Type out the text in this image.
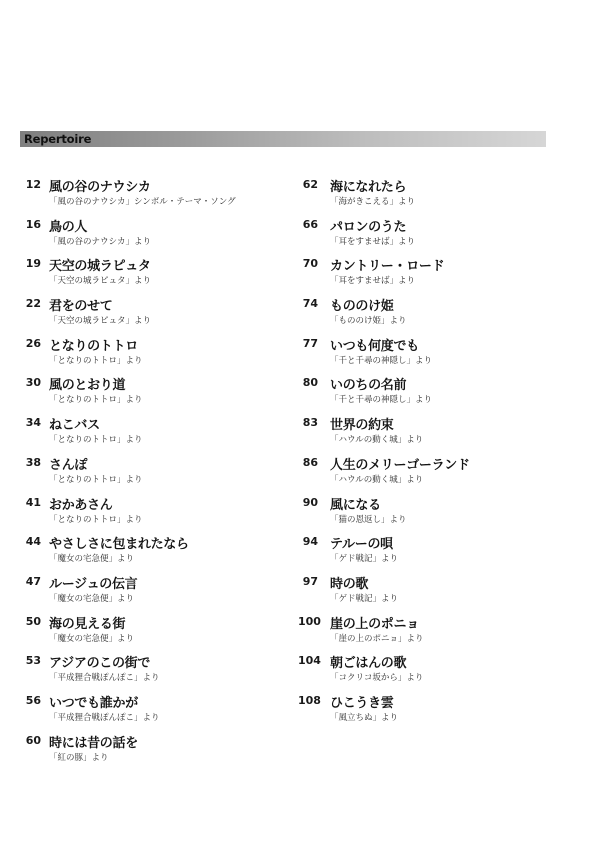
Repertoire
12 風の谷のナウシカ
「風の谷のナウシカ」シンボル・テーマ・ソング
16 鳥の人
「風の谷のナウシカ」より
19 天空の城ラピュタ
「天空の城ラピュタ」より
22 君をのせて
「天空の城ラピュタ」より
26 となりのトトロ
「となりのトトロ」より
30 風のとおり道
「となりのトトロ」より
34 ねこバス
「となりのトトロ」より
38 さんぽ
「となりのトトロ」より
41 おかあさん
「となりのトトロ」より
44 やさしさに包まれたなら
「魔女の宅急便」より
47 ルージュの伝言
「魔女の宅急便」より
50 海の見える街
「魔女の宅急便」より
53 アジアのこの街で
「平成狸合戦ぽんぽこ」より
56 いつでも誰かが
「平成狸合戦ぽんぽこ」より
60 時には昔の話を
「紅の豚」より
62 海になれたら
「海がきこえる」より
66 パロンのうた
「耳をすませば」より
70 カントリー・ロード
「耳をすませば」より
74 もののけ姫
「もののけ姫」より
77 いつも何度でも
「千と千尋の神隠し」より
80 いのちの名前
「千と千尋の神隠し」より
83 世界の約束
「ハウルの動く城」より
86 人生のメリーゴーランド
「ハウルの動く城」より
90 風になる
「猫の恩返し」より
94 テルーの唄
「ゲド戦記」より
97 時の歌
「ゲド戦記」より
100 崖の上のポニョ
「崖の上のポニョ」より
104 朝ごはんの歌
「コクリコ坂から」より
108 ひこうき雲
「風立ちぬ」より
